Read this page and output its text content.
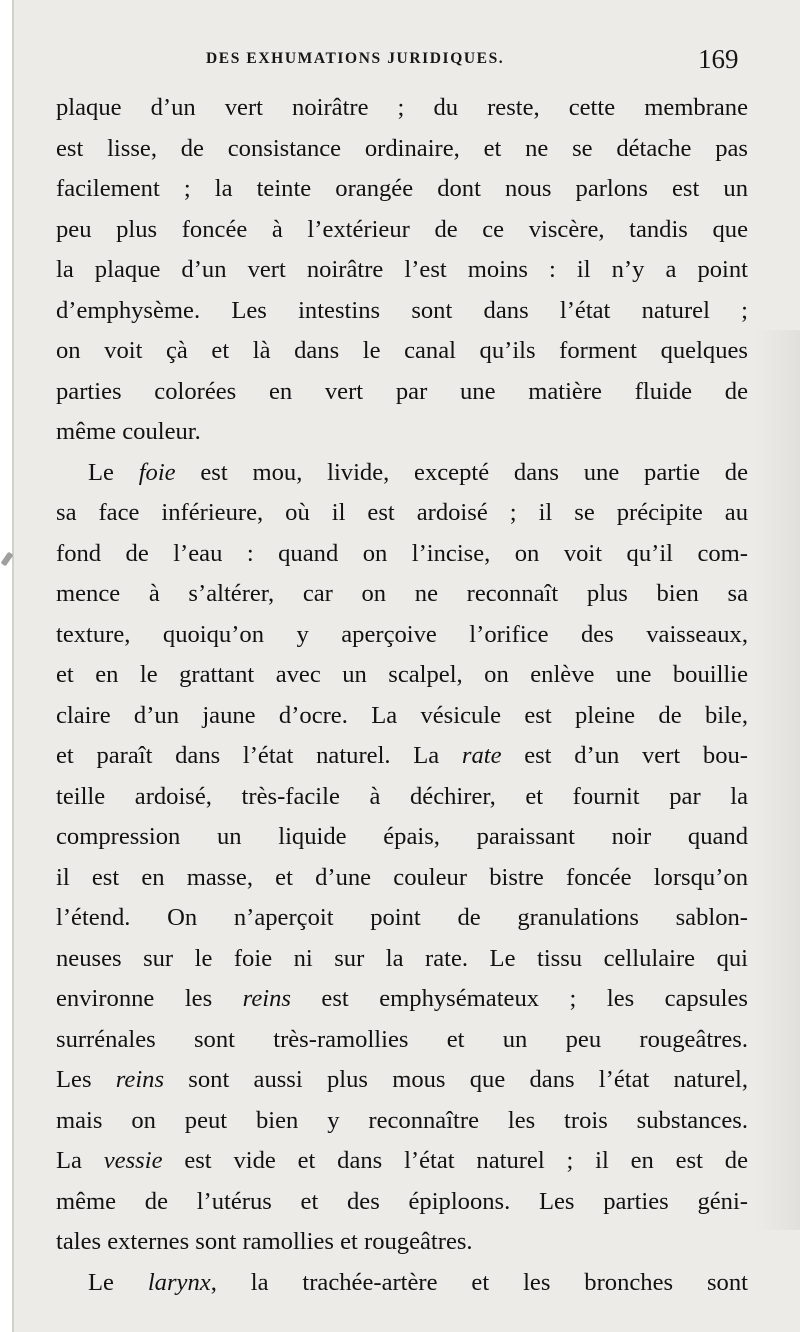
DES EXHUMATIONS JURIDIQUES.	169
plaque d’un vert noirâtre ; du reste, cette membrane
est lisse, de consistance ordinaire, et ne se détache pas
facilement ; la teinte orangée dont nous parlons est un
peu plus foncée à l’extérieur de ce viscère, tandis que
la plaque d’un vert noirâtre l’est moins : il n’y a point
d’emphysème. Les intestins sont dans l’état naturel ;
on voit çà et là dans le canal qu’ils forment quelques
parties colorées en vert par une matière fluide de
même couleur.
Le foie est mou, livide, excepté dans une partie de
sa face inférieure, où il est ardoisé ; il se précipite au
fond de l’eau : quand on l’incise, on voit qu’il com-
mence à s’altérer, car on ne reconnaît plus bien sa
texture, quoiqu’on y aperçoive l’orifice des vaisseaux,
et en le grattant avec un scalpel, on enlève une bouillie
claire d’un jaune d’ocre. La vésicule est pleine de bile,
et paraît dans l’état naturel. La rate est d’un vert bou-
teille ardoisé, très-facile à déchirer, et fournit par la
compression un liquide épais, paraissant noir quand
il est en masse, et d’une couleur bistre foncée lorsqu’on
l’étend. On n’aperçoit point de granulations sablon-
neuses sur le foie ni sur la rate. Le tissu cellulaire qui
environne les reins est emphysémateux ; les capsules
surrénales sont très-ramollies et un peu rougeâtres.
Les reins sont aussi plus mous que dans l’état naturel,
mais on peut bien y reconnaître les trois substances.
La vessie est vide et dans l’état naturel ; il en est de
même de l’utérus et des épiploons. Les parties géni-
tales externes sont ramollies et rougeâtres.
Le larynx, la trachée-artère et les bronches sont
